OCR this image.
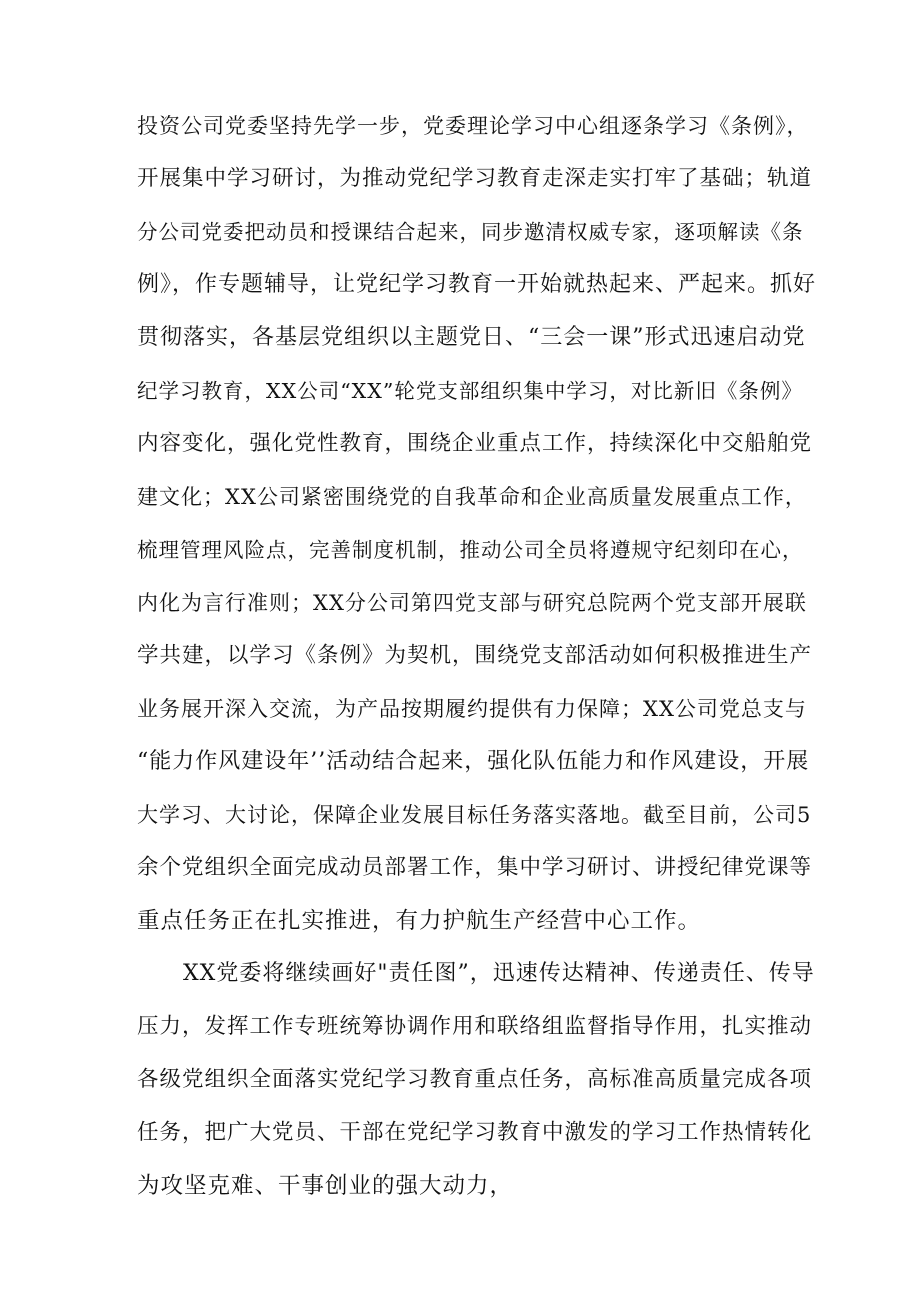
投资公司党委坚持先学一步，党委理论学习中心组逐条学习《条例》，
开展集中学习研讨，为推动党纪学习教育走深走实打牢了基础；轨道
分公司党委把动员和授课结合起来，同步邀清权威专家，逐项解读《条
例》，作专题辅导，让党纪学习教育一开始就热起来、严起来。抓好
贯彻落实，各基层党组织以主题党日、“三会一课”形式迅速启动党
纪学习教育，XX公司“XX”轮党支部组织集中学习，对比新旧《条例》
内容变化，强化党性教育，围绕企业重点工作，持续深化中交船舶党
建文化；XX公司紧密围绕党的自我革命和企业高质量发展重点工作，
梳理管理风险点，完善制度机制，推动公司全员将遵规守纪刻印在心，
内化为言行准则；XX分公司第四党支部与研究总院两个党支部开展联
学共建，以学习《条例》为契机，围绕党支部活动如何积极推进生产
业务展开深入交流，为产品按期履约提供有力保障；XX公司党总支与
“能力作风建设年’’活动结合起来，强化队伍能力和作风建设，开展
大学习、大讨论，保障企业发展目标任务落实落地。截至目前，公司5
余个党组织全面完成动员部署工作，集中学习研讨、讲授纪律党课等
重点任务正在扎实推进，有力护航生产经营中心工作。
XX党委将继续画好"责任图”，迅速传达精神、传递责任、传导
压力，发挥工作专班统筹协调作用和联络组监督指导作用，扎实推动
各级党组织全面落实党纪学习教育重点任务，高标准高质量完成各项
任务，把广大党员、干部在党纪学习教育中激发的学习工作热情转化
为攻坚克难、干事创业的强大动力，
